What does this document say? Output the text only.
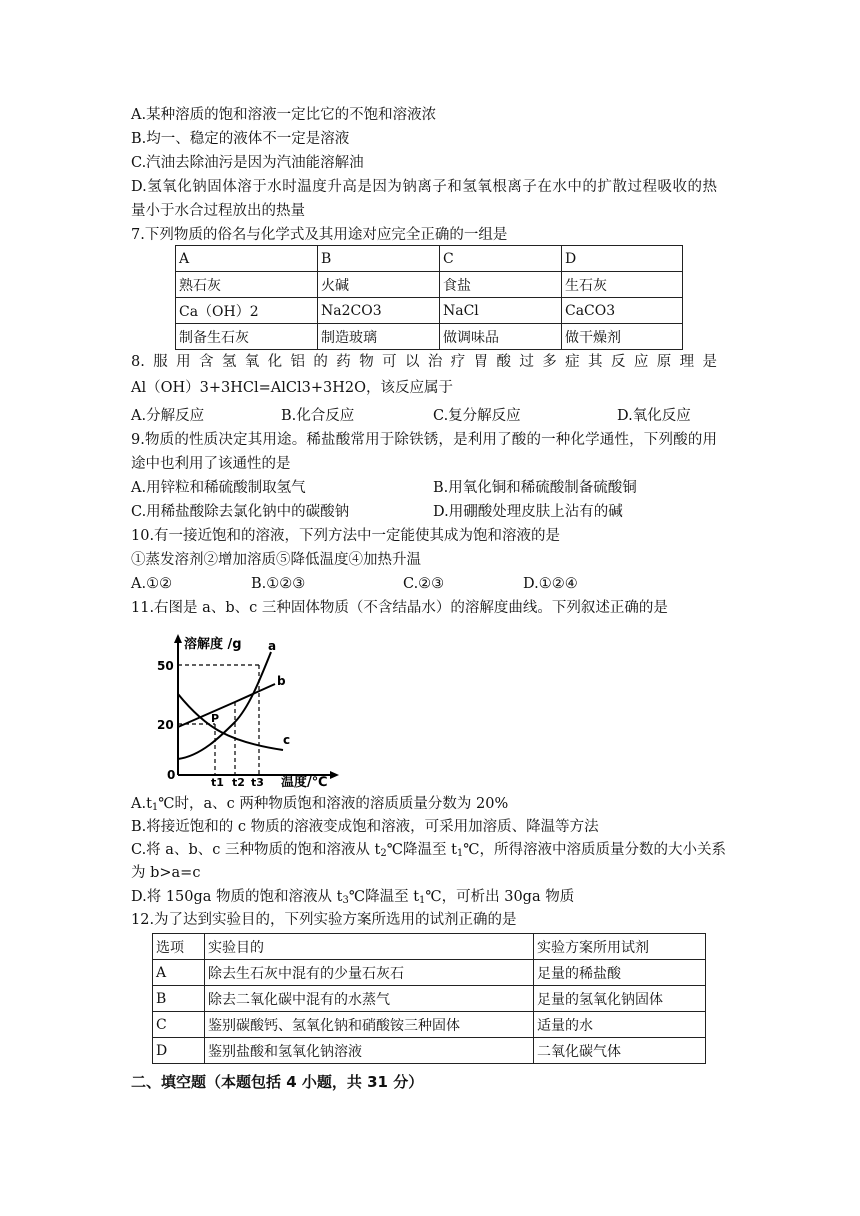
A.某种溶质的饱和溶液一定比它的不饱和溶液浓
B.均一、稳定的液体不一定是溶液
C.汽油去除油污是因为汽油能溶解油
D.氢氧化钠固体溶于水时温度升高是因为钠离子和氢氧根离子在水中的扩散过程吸收的热
量小于水合过程放出的热量
7.下列物质的俗名与化学式及其用途对应完全正确的一组是
A	B	C	D
熟石灰	火碱	食盐	生石灰
Ca（OH）2	Na2CO3	NaCl	CaCO3
制备生石灰	制造玻璃	做调味品	做干燥剂
8.服用含氢氧化铝的药物可以治疗胃酸过多症其反应原理是
Al（OH）3+3HCl=AlCl3+3H2O，该反应属于
A.分解反应	B.化合反应	C.复分解反应	D.氧化反应
9.物质的性质决定其用途。稀盐酸常用于除铁锈，是利用了酸的一种化学通性，下列酸的用
途中也利用了该通性的是
A.用锌粒和稀硫酸制取氢气	B.用氧化铜和稀硫酸制备硫酸铜
C.用稀盐酸除去氯化钠中的碳酸钠	D.用硼酸处理皮肤上沾有的碱
10.有一接近饱和的溶液，下列方法中一定能使其成为饱和溶液的是
①蒸发溶剂②增加溶质⑤降低温度④加热升温
A.①②	B.①②③	C.②③	D.①②④
11.右图是 a、b、c 三种固体物质（不含结晶水）的溶解度曲线。下列叙述正确的是
溶解度 /g
温度/℃
50
20
0
t1 t2 t3
a
b
c
P
$A.t_1℃$时，a、c 两种物质饱和溶液的溶质质量分数为 20%
B.将接近饱和的 c 物质的溶液变成饱和溶液，可采用加溶质、降温等方法
C.将 a、b、c 三种物质的饱和溶液从 $t_2℃$降温至 $t_1℃$，所得溶液中溶质质量分数的大小关系
为 b>a=c
D.将 150ga 物质的饱和溶液从 $t_3℃$降温至 $t_1℃$，可析出 30ga 物质
12.为了达到实验目的，下列实验方案所选用的试剂正确的是
选项	实验目的	实验方案所用试剂
A	除去生石灰中混有的少量石灰石	足量的稀盐酸
B	除去二氧化碳中混有的水蒸气	足量的氢氧化钠固体
C	鉴别碳酸钙、氢氧化钠和硝酸铵三种固体	适量的水
D	鉴别盐酸和氢氧化钠溶液	二氧化碳气体
二、填空题（本题包括 4 小题，共 31 分）
